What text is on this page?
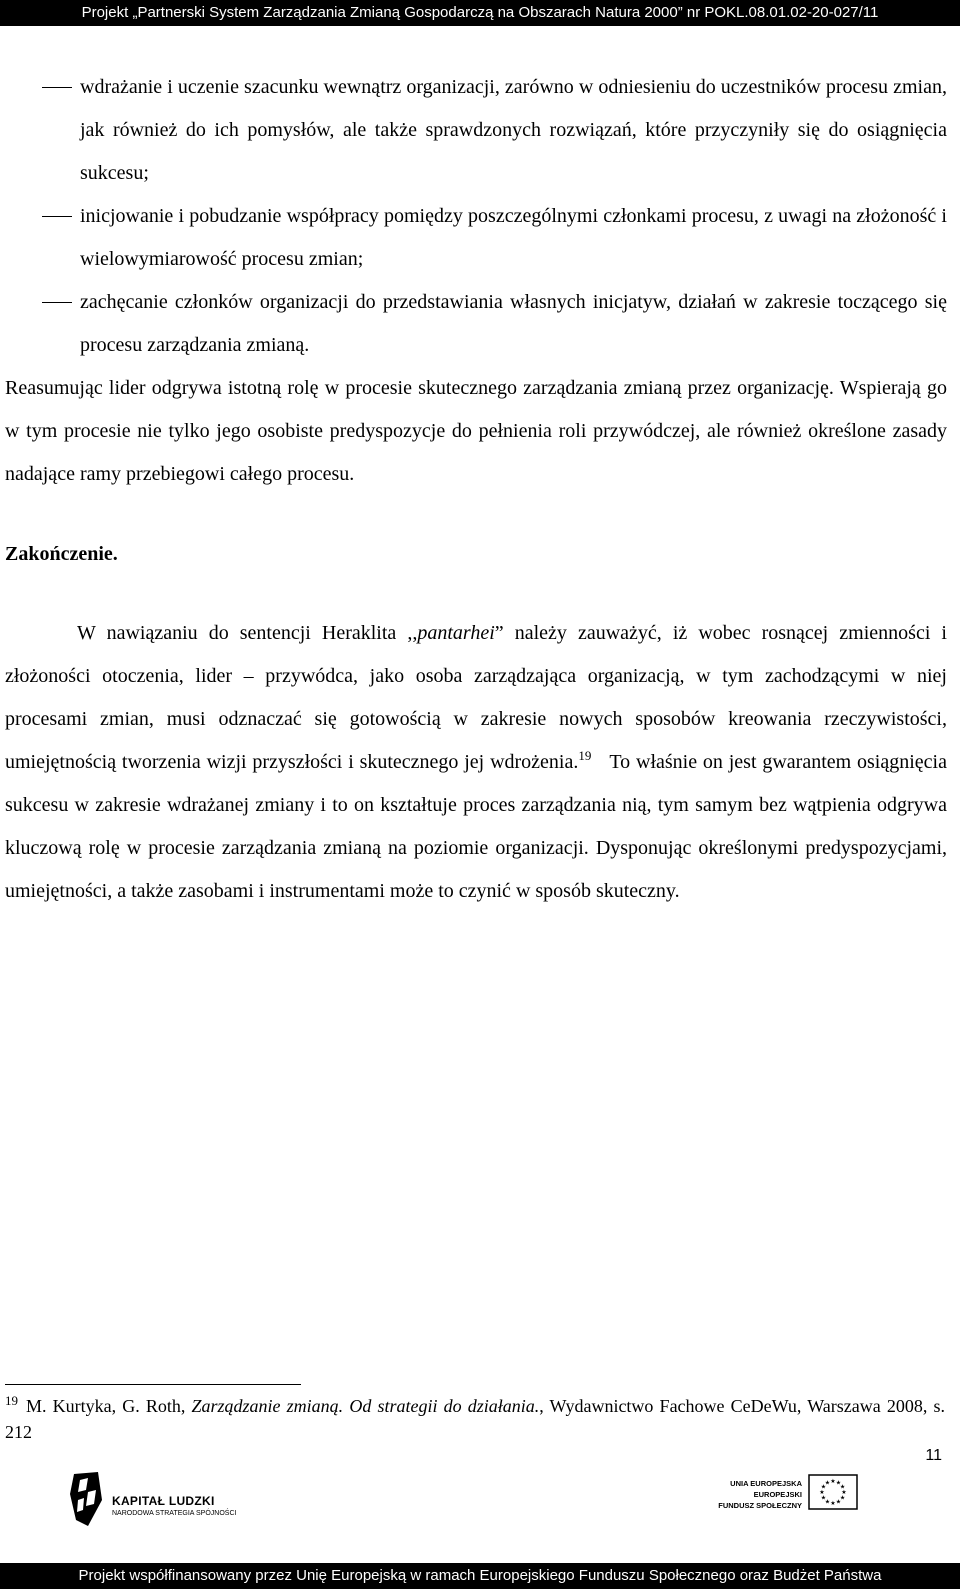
Projekt „Partnerski System Zarządzania Zmianą Gospodarczą na Obszarach Natura 2000” nr POKL.08.01.02-20-027/11
wdrażanie i uczenie szacunku wewnątrz organizacji, zarówno w odniesieniu do uczestników procesu zmian, jak również do ich pomysłów, ale także sprawdzonych rozwiązań, które przyczyniły się do osiągnięcia sukcesu;
inicjowanie i pobudzanie współpracy pomiędzy poszczególnymi członkami procesu, z uwagi na złożoność i wielowymiarowość procesu zmian;
zachęcanie członków organizacji do przedstawiania własnych inicjatyw, działań w zakresie toczącego się procesu zarządzania zmianą.
Reasumując lider odgrywa istotną rolę w procesie skutecznego zarządzania zmianą przez organizację. Wspierają go w tym procesie nie tylko jego osobiste predyspozycje do pełnienia roli przywódczej, ale również określone zasady nadające ramy przebiegowi całego procesu.
Zakończenie.
W nawiązaniu do sentencji Heraklita ,,pantarhei” należy zauważyć, iż wobec rosnącej zmienności i złożoności otoczenia, lider – przywódca, jako osoba zarządzająca organizacją, w tym zachodzącymi w niej procesami zmian, musi odznaczać się gotowością w zakresie nowych sposobów kreowania rzeczywistości, umiejętnością tworzenia wizji przyszłości i skutecznego jej wdrożenia.$^{19}$ To właśnie on jest gwarantem osiągnięcia sukcesu w zakresie wdrażanej zmiany i to on kształtuje proces zarządzania nią, tym samym bez wątpienia odgrywa kluczową rolę w procesie zarządzania zmianą na poziomie organizacji. Dysponując określonymi predyspozycjami, umiejętności, a także zasobami i instrumentami może to czynić w sposób skuteczny.
$^{19}$ M. Kurtyka, G. Roth, Zarządzanie zmianą. Od strategii do działania., Wydawnictwo Fachowe CeDeWu, Warszawa 2008, s. 212
11
KAPITAŁ LUDZKI
NARODOWA STRATEGIA SPÓJNOŚCI
UNIA EUROPEJSKA
EUROPEJSKI
FUNDUSZ SPOŁECZNY
★
★
★
★
★
★
★
★
★ ★ ★
★
Projekt współfinansowany przez Unię Europejską w ramach Europejskiego Funduszu Społecznego oraz Budżet Państwa
